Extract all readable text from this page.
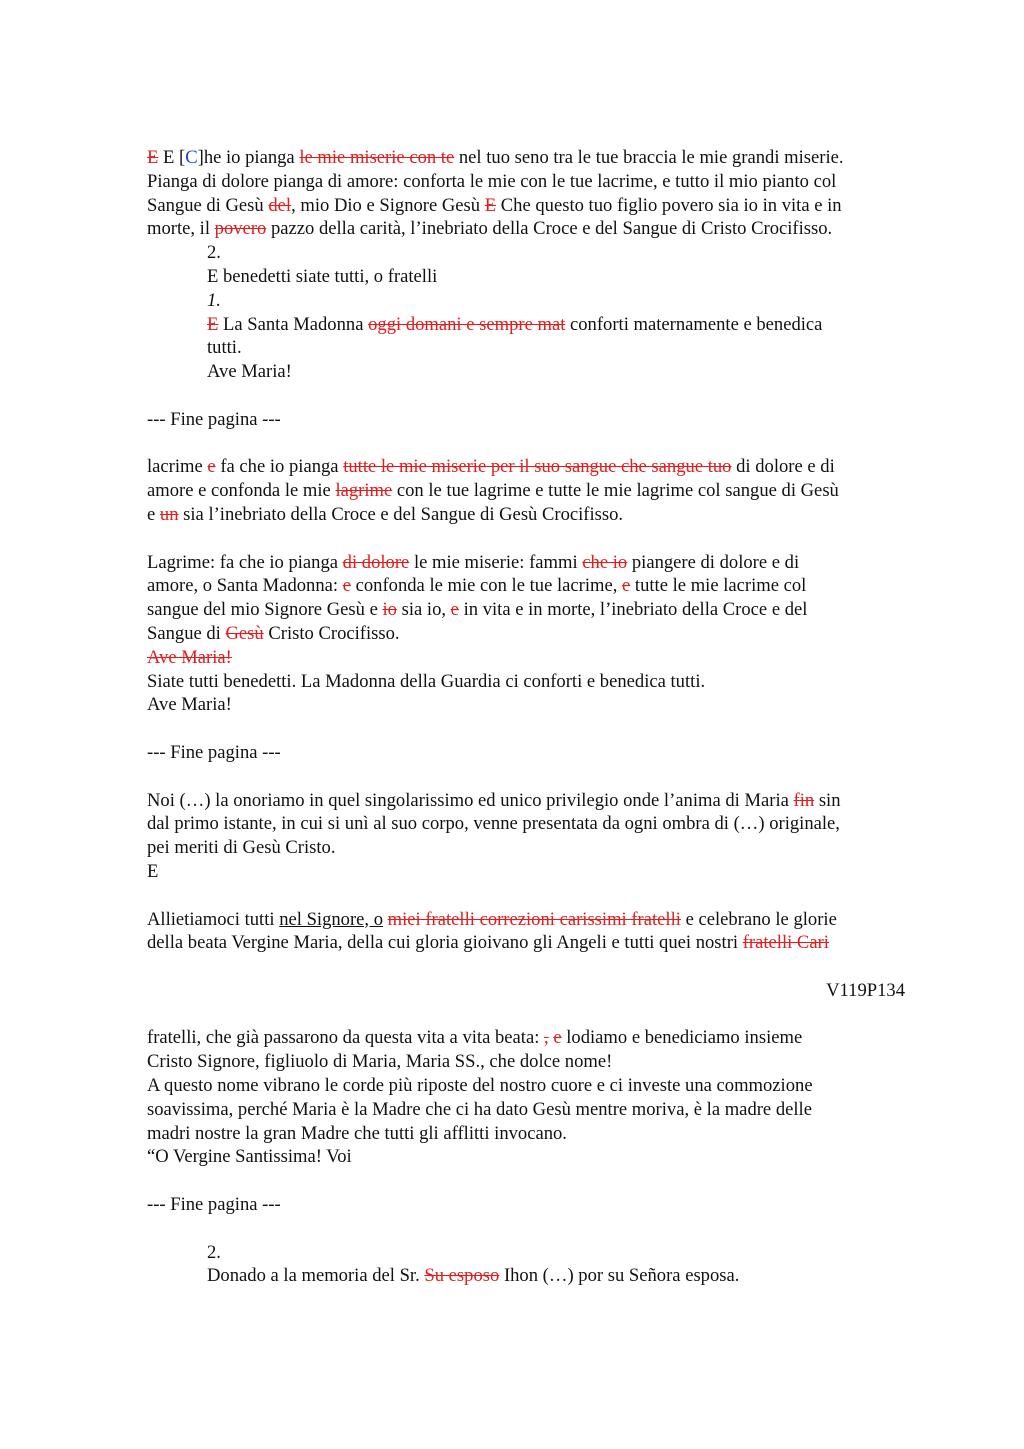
E E [C]he io pianga le mie miserie con te nel tuo seno tra le tue braccia le mie grandi miserie.
Pianga di dolore pianga di amore: conforta le mie con le tue lacrime, e tutto il mio pianto col
Sangue di Gesù del, mio Dio e Signore Gesù E Che questo tuo figlio povero sia io in vita e in
morte, il povero pazzo della carità, l’inebriato della Croce e del Sangue di Cristo Crocifisso.
2.
E benedetti siate tutti, o fratelli
1.
E La Santa Madonna oggi domani e sempre mat conforti maternamente e benedica
tutti.
Ave Maria!
--- Fine pagina ---
lacrime e fa che io pianga tutte le mie miserie per il suo sangue che sangue tuo di dolore e di
amore e confonda le mie lagrime con le tue lagrime e tutte le mie lagrime col sangue di Gesù
e un sia l’inebriato della Croce e del Sangue di Gesù Crocifisso.
Lagrime: fa che io pianga di dolore le mie miserie: fammi che io piangere di dolore e di
amore, o Santa Madonna: e confonda le mie con le tue lacrime, e tutte le mie lacrime col
sangue del mio Signore Gesù e io sia io, e in vita e in morte, l’inebriato della Croce e del
Sangue di Gesù Cristo Crocifisso.
Ave Maria!
Siate tutti benedetti. La Madonna della Guardia ci conforti e benedica tutti.
Ave Maria!
--- Fine pagina ---
Noi (…) la onoriamo in quel singolarissimo ed unico privilegio onde l’anima di Maria fin sin
dal primo istante, in cui si unì al suo corpo, venne presentata da ogni ombra di (…) originale,
pei meriti di Gesù Cristo.
E
Allietiamoci tutti nel Signore, o miei fratelli correzioni carissimi fratelli e celebrano le glorie
della beata Vergine Maria, della cui gloria gioivano gli Angeli e tutti quei nostri fratelli Cari
V119P134
fratelli, che già passarono da questa vita a vita beata: , e lodiamo e benediciamo insieme
Cristo Signore, figliuolo di Maria, Maria SS., che dolce nome!
A questo nome vibrano le corde più riposte del nostro cuore e ci investe una commozione
soavissima, perché Maria è la Madre che ci ha dato Gesù mentre moriva, è la madre delle
madri nostre la gran Madre che tutti gli afflitti invocano.
“O Vergine Santissima! Voi
--- Fine pagina ---
2.
Donado a la memoria del Sr. Su esposo Ihon (…) por su Señora esposa.
